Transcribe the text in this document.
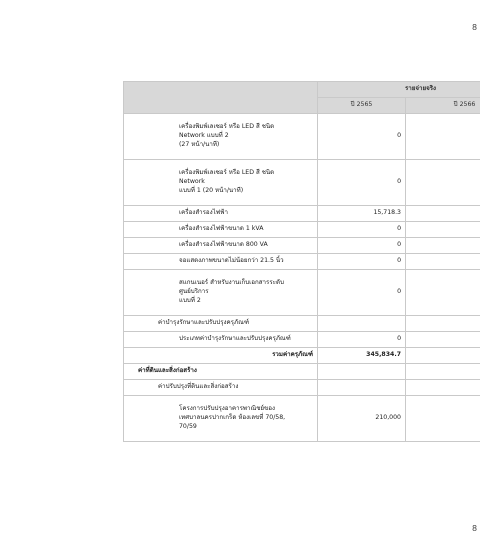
8
	รายจ่ายจริง	
	ปี 2565	ปี 2566

เครื่องพิมพ์เลเซอร์ หรือ LED สี ชนิด
Network แบบที่ 2
(27 หน้า/นาที)	0	

เครื่องพิมพ์เลเซอร์ หรือ LED สี ชนิด
Network
แบบที่ 1 (20 หน้า/นาที)	0	

เครื่องสำรองไฟฟ้า	15,718.3	

เครื่องสำรองไฟฟ้าขนาด 1 kVA	0	

เครื่องสำรองไฟฟ้าขนาด 800 VA	0	

จอแสดงภาพขนาดไม่น้อยกว่า 21.5 นิ้ว	0	

สแกนเนอร์ สำหรับงานเก็บเอกสารระดับ
ศูนย์บริการ
แบบที่ 2	0	

ค่าบำรุงรักษาและปรับปรุงครุภัณฑ์		

ประเภทค่าบำรุงรักษาและปรับปรุงครุภัณฑ์	0	

รวมค่าครุภัณฑ์	345,834.7	

ค่าที่ดินและสิ่งก่อสร้าง		

ค่าปรับปรุงที่ดินและสิ่งก่อสร้าง		

โครงการปรับปรุงอาคารพาณิชย์ของ
เทศบาลนครปากเกร็ด ห้องเลขที่ 70/58,
70/59	210,000	
8
